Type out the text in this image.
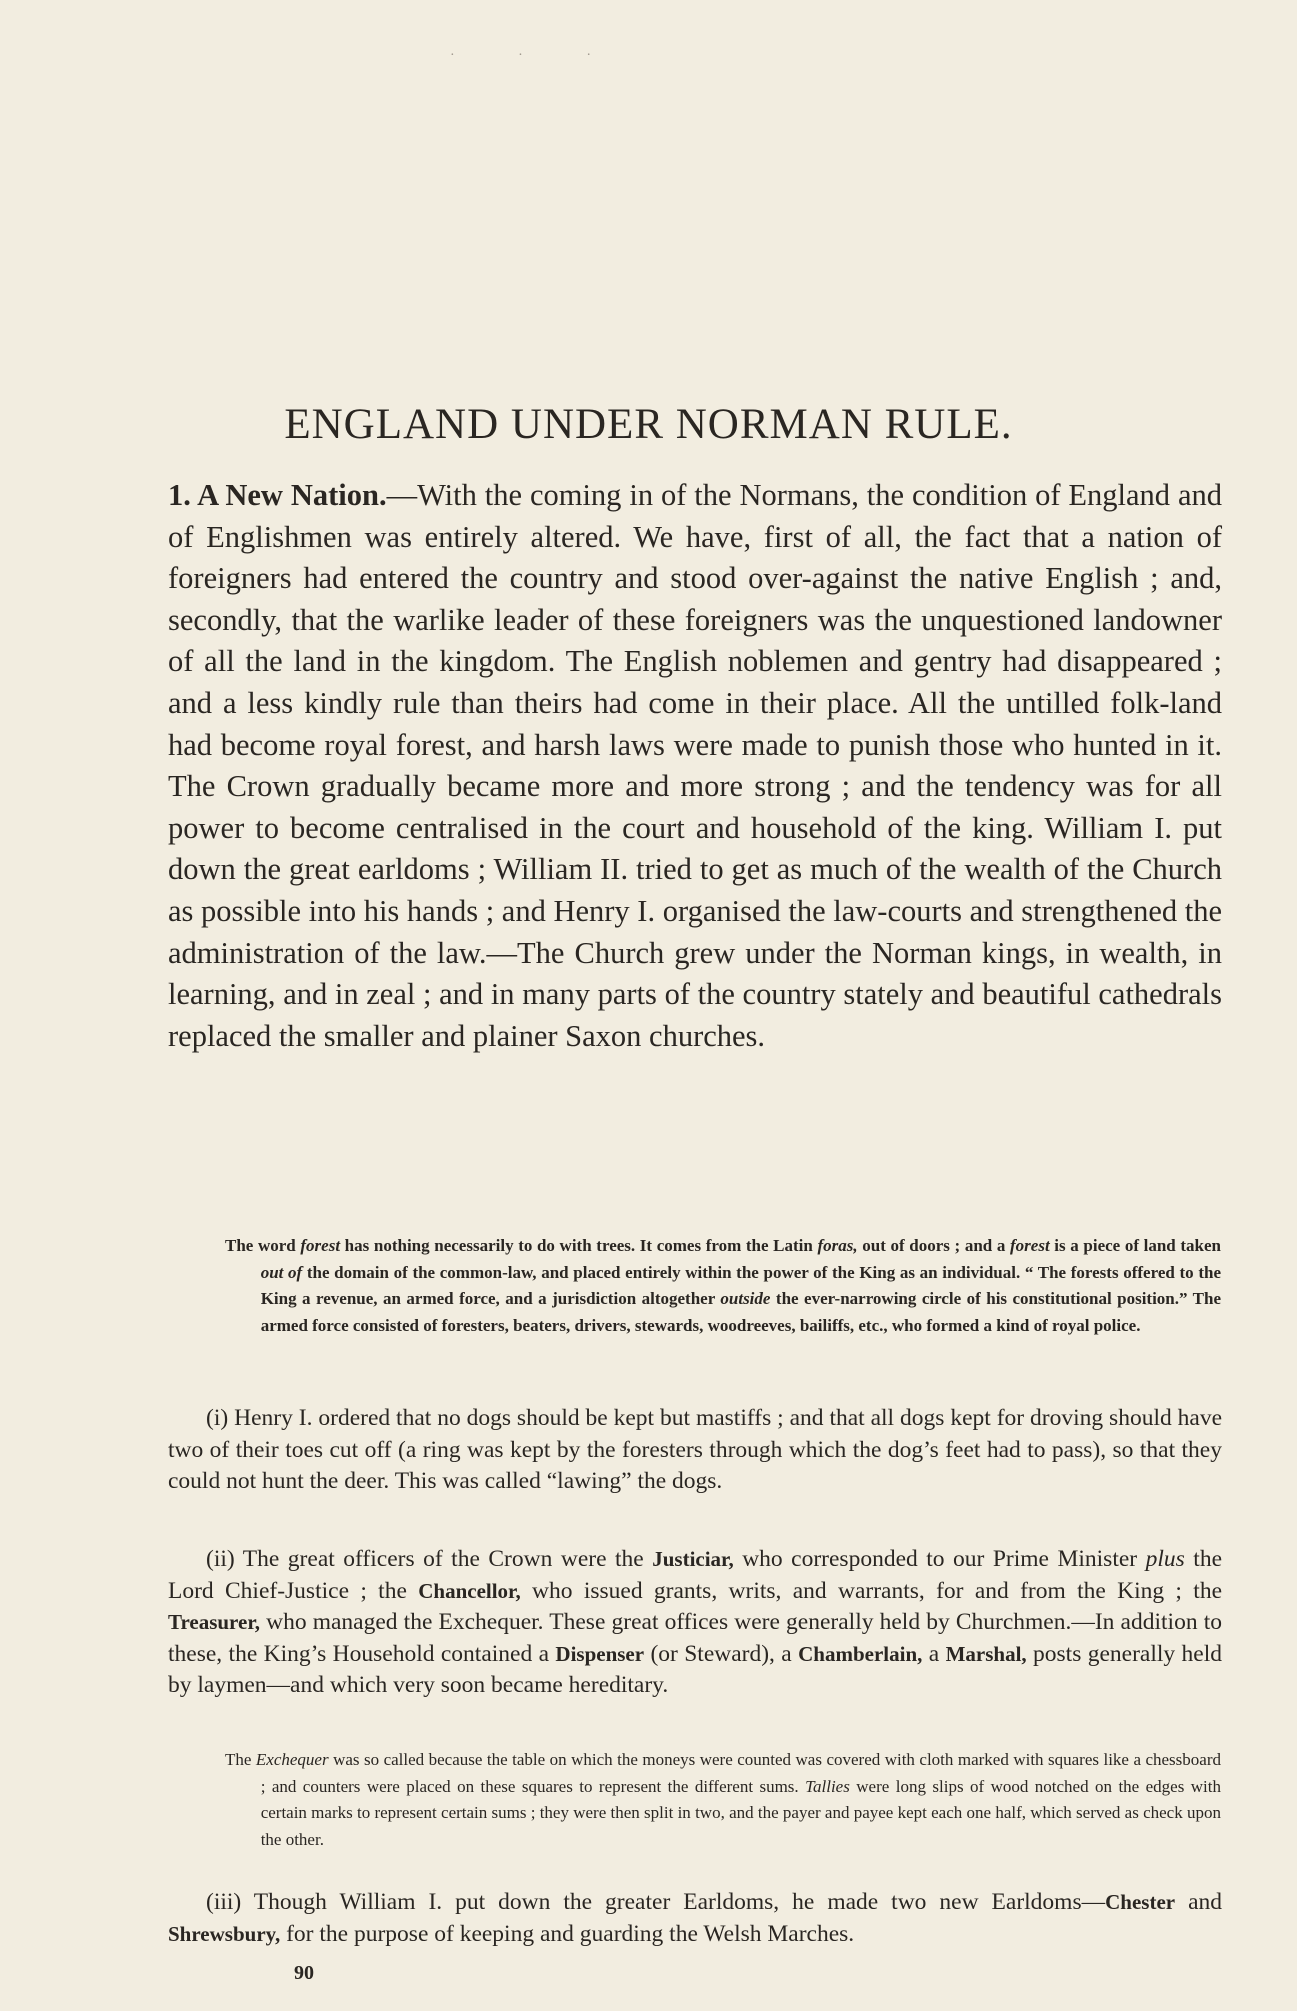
· · ·
ENGLAND UNDER NORMAN RULE.

1. A New Nation.—With the coming in of the Normans, the condition of England and of Englishmen was entirely altered. We have, first of all, the fact that a nation of foreigners had entered the country and stood over-against the native English ; and, secondly, that the warlike leader of these foreigners was the unquestioned landowner of all the land in the kingdom. The English noblemen and gentry had disappeared ; and a less kindly rule than theirs had come in their place. All the untilled folk-land had become royal forest, and harsh laws were made to punish those who hunted in it. The Crown gradually became more and more strong ; and the tendency was for all power to become centralised in the court and household of the king. William I. put down the great earldoms ; William II. tried to get as much of the wealth of the Church as possible into his hands ; and Henry I. organised the law-courts and strengthened the administration of the law.—The Church grew under the Norman kings, in wealth, in learning, and in zeal ; and in many parts of the country stately and beautiful cathedrals replaced the smaller and plainer Saxon churches.

The word forest has nothing necessarily to do with trees. It comes from the Latin foras, out of doors ; and a forest is a piece of land taken out of the domain of the common-law, and placed entirely within the power of the King as an individual. “ The forests offered to the King a revenue, an armed force, and a jurisdiction altogether outside the ever-narrowing circle of his constitutional position.” The armed force consisted of foresters, beaters, drivers, stewards, woodreeves, bailiffs, etc., who formed a kind of royal police.

(i) Henry I. ordered that no dogs should be kept but mastiffs ; and that all dogs kept for droving should have two of their toes cut off (a ring was kept by the foresters through which the dog’s feet had to pass), so that they could not hunt the deer. This was called “lawing” the dogs.

(ii) The great officers of the Crown were the Justiciar, who corresponded to our Prime Minister plus the Lord Chief-Justice ; the Chancellor, who issued grants, writs, and warrants, for and from the King ; the Treasurer, who managed the Exchequer. These great offices were generally held by Churchmen.—In addition to these, the King’s Household contained a Dispenser (or Steward), a Chamberlain, a Marshal, posts generally held by laymen—and which very soon became hereditary.

The Exchequer was so called because the table on which the moneys were counted was covered with cloth marked with squares like a chessboard ; and counters were placed on these squares to represent the different sums. Tallies were long slips of wood notched on the edges with certain marks to represent certain sums ; they were then split in two, and the payer and payee kept each one half, which served as check upon the other.

(iii) Though William I. put down the greater Earldoms, he made two new Earldoms—Chester and Shrewsbury, for the purpose of keeping and guarding the Welsh Marches.

90
